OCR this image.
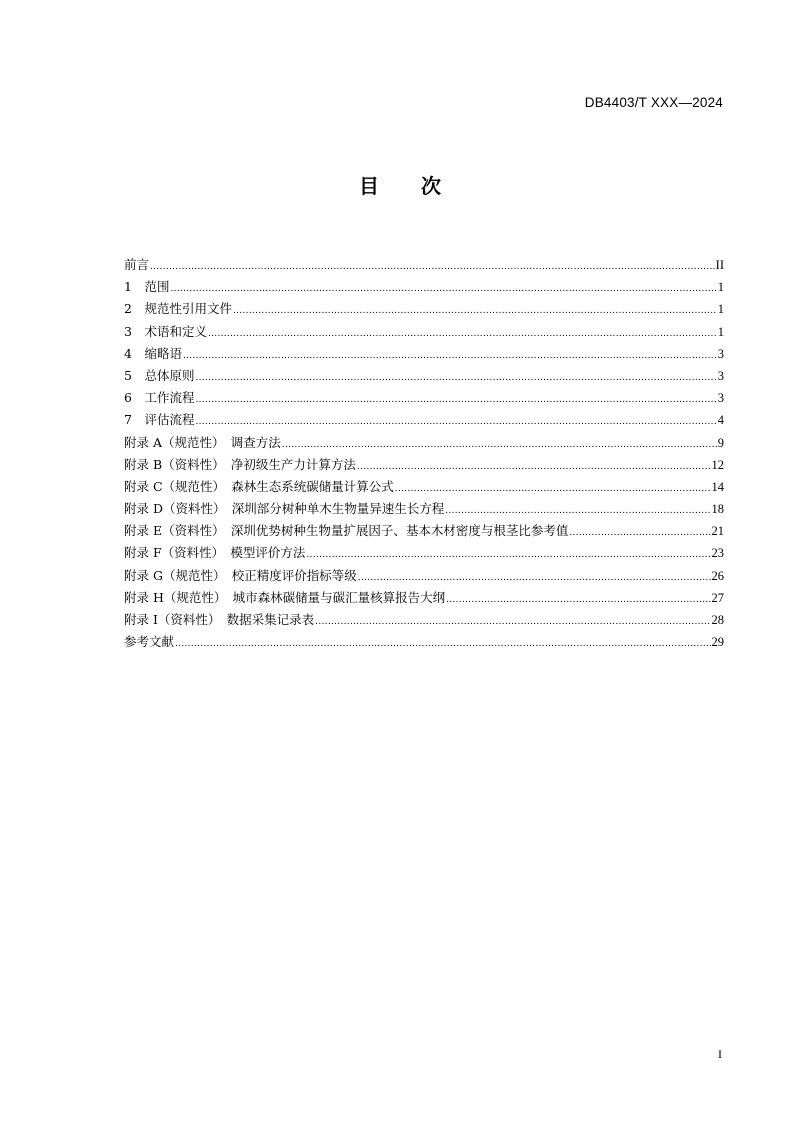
DB4403/T XXX—2024
目 次
前言 .....	II
1　范围 .....	1
2　规范性引用文件 .....	1
3　术语和定义 .....	1
4　缩略语 .....	3
5　总体原则 .....	3
6　工作流程 .....	3
7　评估流程 .....	4
附录 A（规范性）　调查方法 .....	9
附录 B（资料性）　净初级生产力计算方法 .....	12
附录 C（规范性）　森林生态系统碳储量计算公式 .....	14
附录 D（资料性）　深圳部分树种单木生物量异速生长方程 .....	18
附录 E（资料性）　深圳优势树种生物量扩展因子、基本木材密度与根茎比参考值 .....	21
附录 F（资料性）　模型评价方法 .....	23
附录 G（规范性）　校正精度评价指标等级 .....	26
附录 H（规范性）　城市森林碳储量与碳汇量核算报告大纲 .....	27
附录 I（资料性）　数据采集记录表 .....	28
参考文献 .....	29
I
